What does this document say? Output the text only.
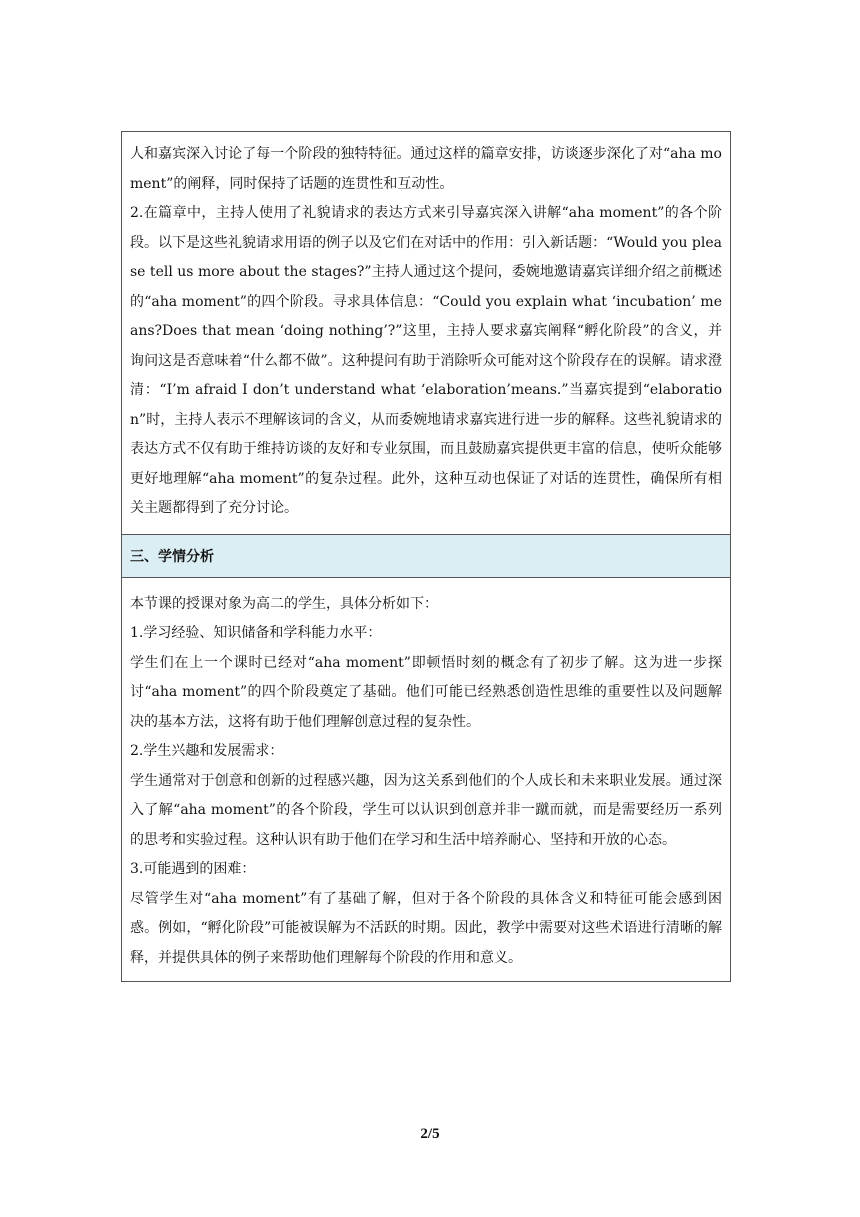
人和嘉宾深入讨论了每一个阶段的独特特征。通过这样的篇章安排，访谈逐步深化了对“aha moment”的阐释，同时保持了话题的连贯性和互动性。

2.在篇章中，主持人使用了礼貌请求的表达方式来引导嘉宾深入讲解“aha moment”的各个阶段。以下是这些礼貌请求用语的例子以及它们在对话中的作用：引入新话题：“Would you please tell us more about the stages?”主持人通过这个提问，委婉地邀请嘉宾详细介绍之前概述的“aha moment”的四个阶段。寻求具体信息：“Could you explain what ‘incubation’ means?Does that mean ‘doing nothing’?”这里，主持人要求嘉宾阐释“孵化阶段”的含义，并询问这是否意味着“什么都不做”。这种提问有助于消除听众可能对这个阶段存在的误解。请求澄清：“I’m afraid I don’t understand what ‘elaboration’means.”当嘉宾提到“elaboration”时，主持人表示不理解该词的含义，从而委婉地请求嘉宾进行进一步的解释。这些礼貌请求的表达方式不仅有助于维持访谈的友好和专业氛围，而且鼓励嘉宾提供更丰富的信息，使听众能够更好地理解“aha moment”的复杂过程。此外，这种互动也保证了对话的连贯性，确保所有相关主题都得到了充分讨论。

三、学情分析

本节课的授课对象为高二的学生，具体分析如下：

1.学习经验、知识储备和学科能力水平：

学生们在上一个课时已经对“aha moment”即顿悟时刻的概念有了初步了解。这为进一步探讨“aha moment”的四个阶段奠定了基础。他们可能已经熟悉创造性思维的重要性以及问题解决的基本方法，这将有助于他们理解创意过程的复杂性。

2.学生兴趣和发展需求：

学生通常对于创意和创新的过程感兴趣，因为这关系到他们的个人成长和未来职业发展。通过深入了解“aha moment”的各个阶段，学生可以认识到创意并非一蹴而就，而是需要经历一系列的思考和实验过程。这种认识有助于他们在学习和生活中培养耐心、坚持和开放的心态。

3.可能遇到的困难：

尽管学生对“aha moment”有了基础了解，但对于各个阶段的具体含义和特征可能会感到困惑。例如，“孵化阶段”可能被误解为不活跃的时期。因此，教学中需要对这些术语进行清晰的解释，并提供具体的例子来帮助他们理解每个阶段的作用和意义。

2/5
